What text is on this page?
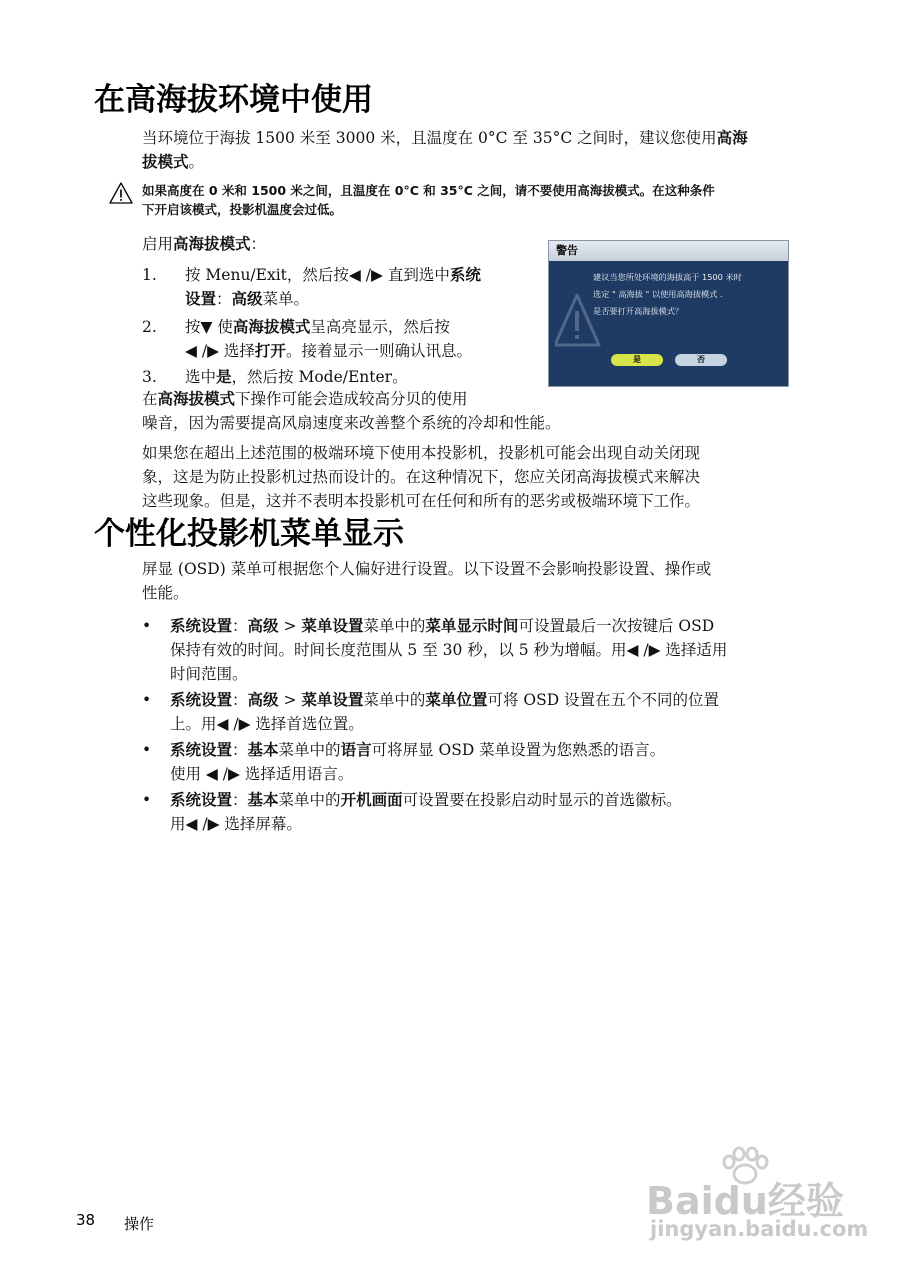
在高海拔环境中使用
当环境位于海拔 1500 米至 3000 米，且温度在 0°C 至 35°C 之间时，建议您使用高海
拔模式。
如果高度在 0 米和 1500 米之间，且温度在 0°C 和 35°C 之间，请不要使用高海拔模式。在这种条件
下开启该模式，投影机温度会过低。
启用高海拔模式：
1. 按 Menu/Exit，然后按◀ /▶ 直到选中系统
设置：高级菜单。
2. 按▼ 使高海拔模式呈高亮显示，然后按
◀ /▶ 选择打开。接着显示一则确认讯息。
3. 选中是，然后按 Mode/Enter。
警告
建议当您所处环境的海拔高于 1500 米时
选定 " 高海拔 " 以使用高海拔模式 .
是否要打开高海拔模式？
是	否
在高海拔模式下操作可能会造成较高分贝的使用
噪音，因为需要提高风扇速度来改善整个系统的冷却和性能。
如果您在超出上述范围的极端环境下使用本投影机，投影机可能会出现自动关闭现
象，这是为防止投影机过热而设计的。在这种情况下，您应关闭高海拔模式来解决
这些现象。但是，这并不表明本投影机可在任何和所有的恶劣或极端环境下工作。
个性化投影机菜单显示
屏显 (OSD) 菜单可根据您个人偏好进行设置。以下设置不会影响投影设置、操作或
性能。
• 系统设置：高级 > 菜单设置菜单中的菜单显示时间可设置最后一次按键后 OSD
保持有效的时间。时间长度范围从 5 至 30 秒，以 5 秒为增幅。用◀ /▶ 选择适用
时间范围。
• 系统设置：高级 > 菜单设置菜单中的菜单位置可将 OSD 设置在五个不同的位置
上。用◀ /▶ 选择首选位置。
• 系统设置：基本菜单中的语言可将屏显 OSD 菜单设置为您熟悉的语言。
使用 ◀ /▶ 选择适用语言。
• 系统设置：基本菜单中的开机画面可设置要在投影启动时显示的首选徽标。
用◀ /▶ 选择屏幕。
38 操作
Baidu经验
jingyan.baidu.com
